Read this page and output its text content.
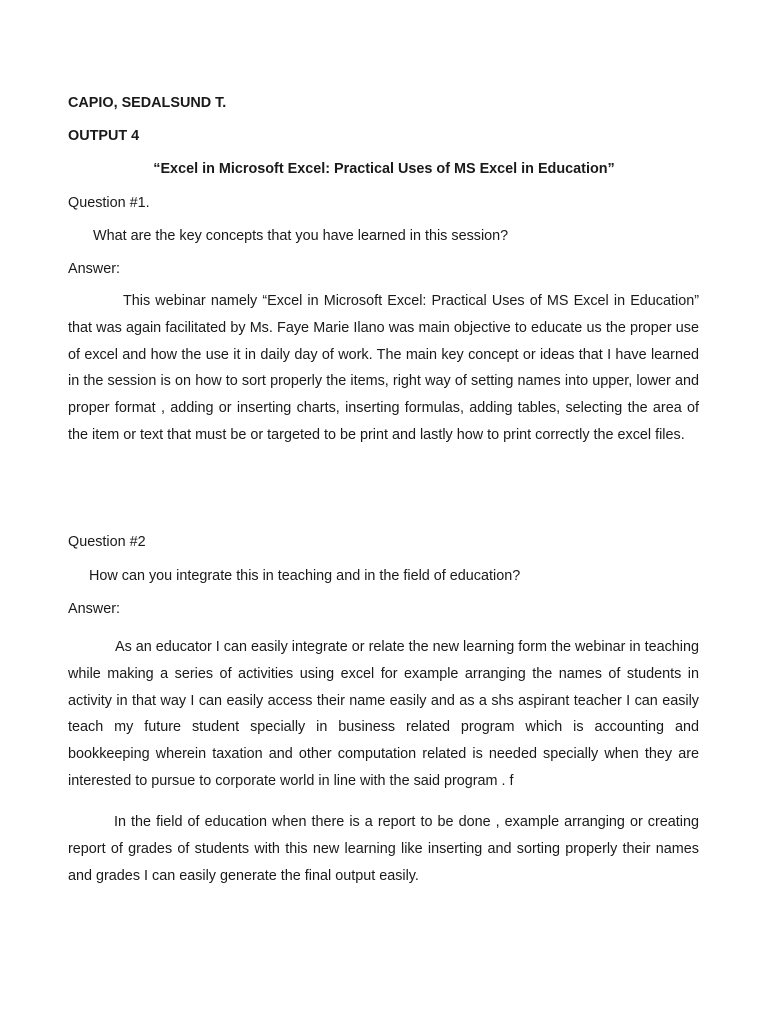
CAPIO, SEDALSUND T.
OUTPUT 4
“Excel in Microsoft Excel: Practical Uses of MS Excel in Education”
Question #1.
What are the key concepts that you have learned in this session?
Answer:
This webinar namely “Excel in Microsoft Excel: Practical Uses of MS Excel in Education” that was again facilitated by Ms. Faye Marie Ilano was main objective to educate us the proper use of excel and how the use it in daily day of work. The main key concept or ideas that I have learned in the session is on how to sort properly the items, right way of setting names into upper, lower and proper format , adding or inserting charts, inserting formulas, adding tables, selecting the area of the item or text that must be or targeted to be print and lastly how to print correctly the excel files.
Question #2
How can you integrate this in teaching and in the field of education?
Answer:
As an educator I can easily integrate or relate the new learning form the webinar in teaching while making a series of activities using excel for example arranging the names of students in activity in that way I can easily access their name easily and as a shs aspirant teacher I can easily teach my future student specially in business related program which is accounting and bookkeeping wherein taxation and other computation related is needed specially when they are interested to pursue to corporate world in line with the said program . f
In the field of education when there is a report to be done , example arranging or creating report of grades of students with this new learning like inserting and sorting properly their names and grades I can easily generate the final output easily.
